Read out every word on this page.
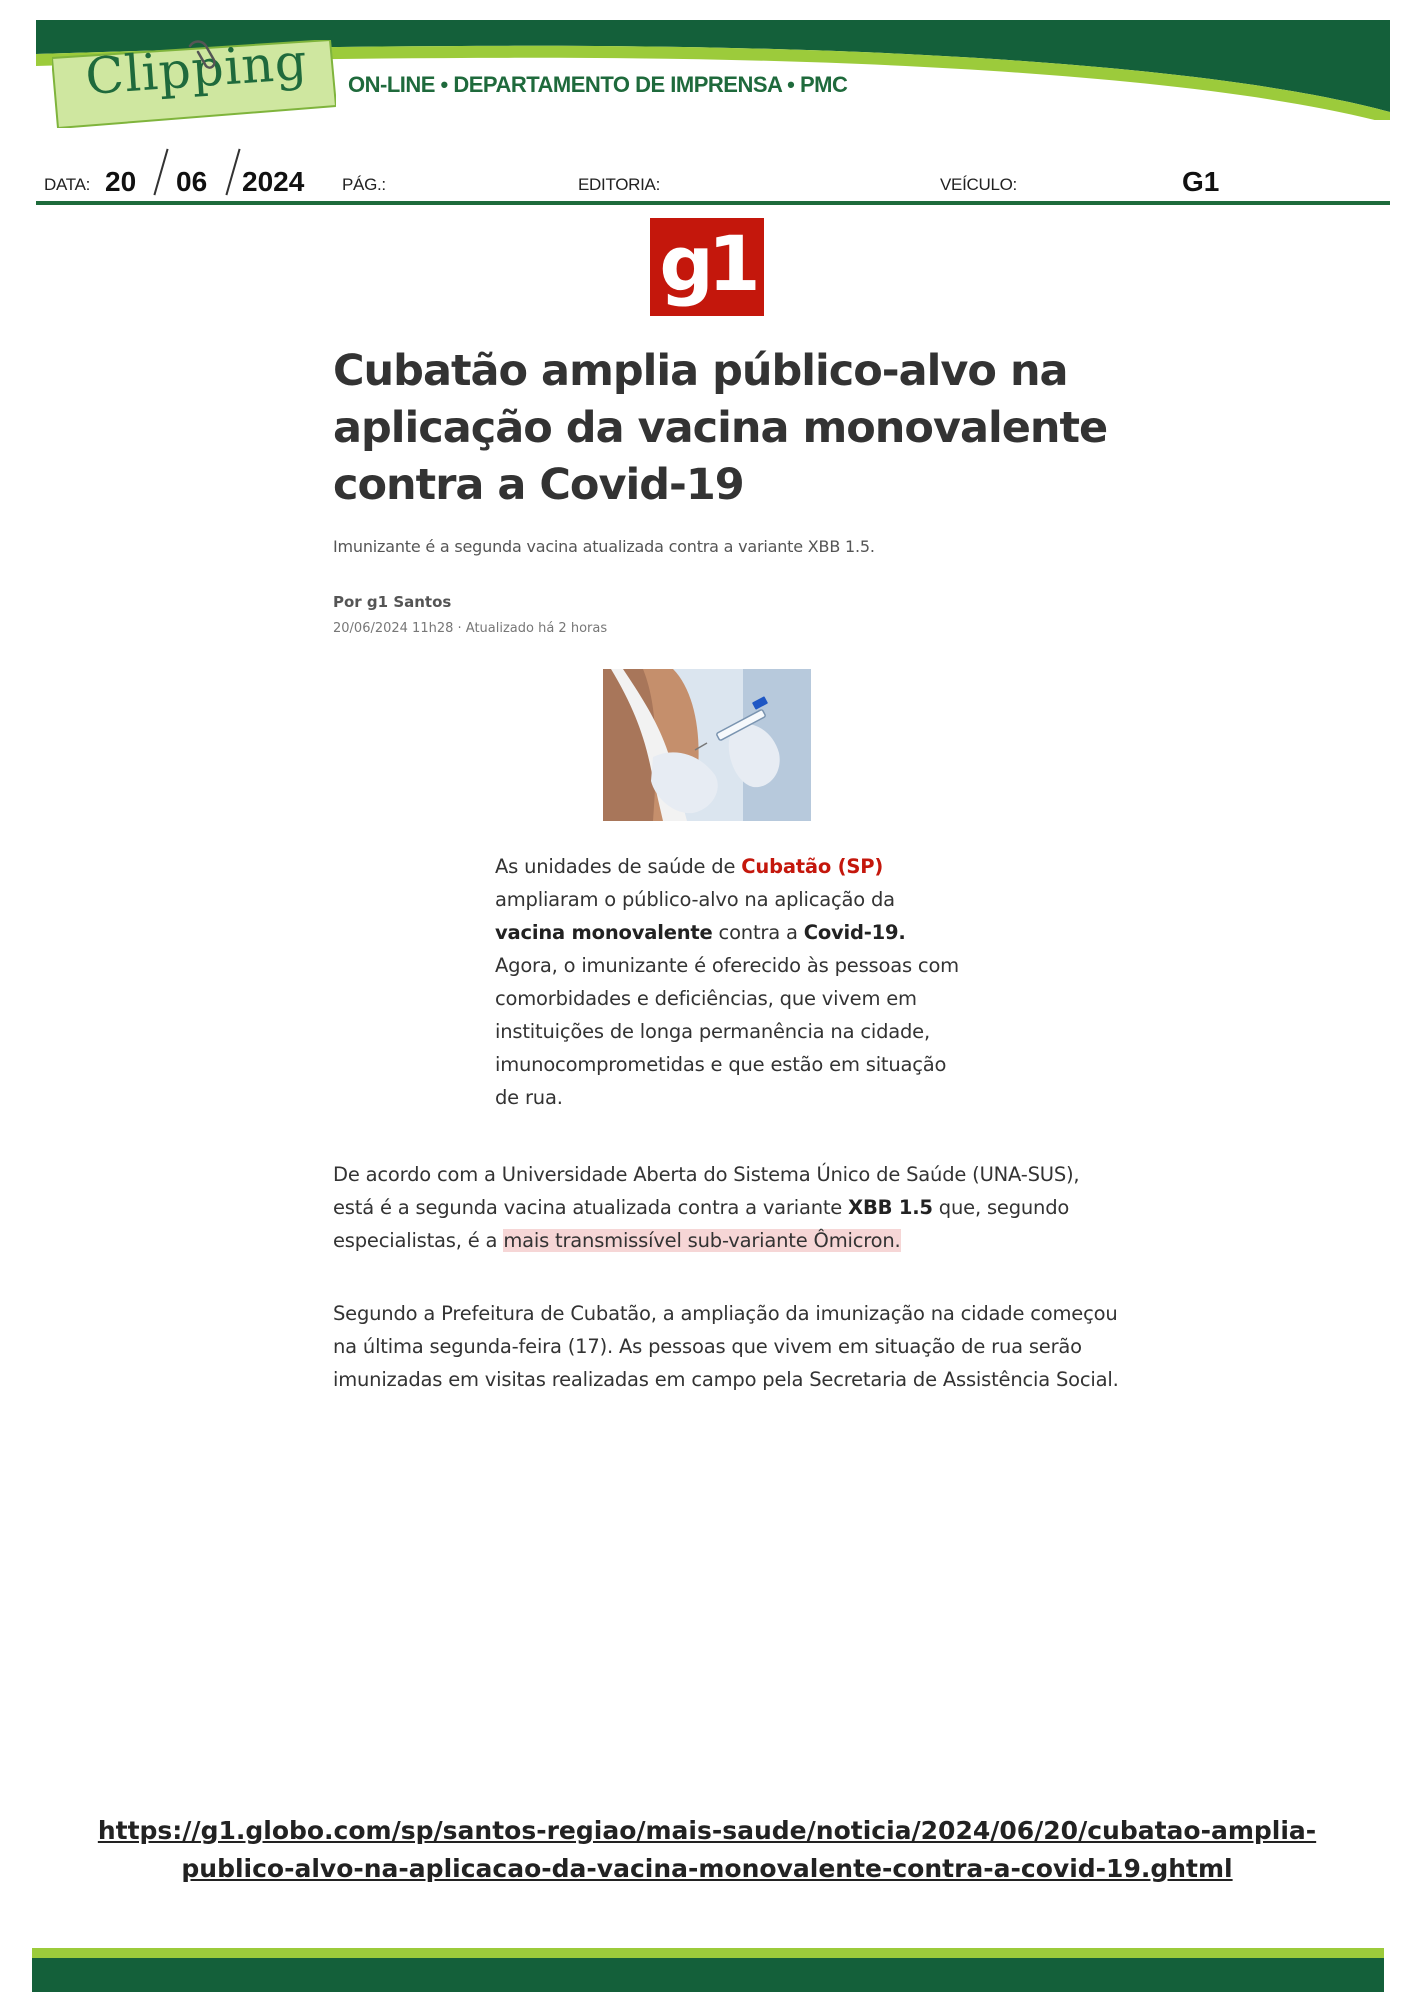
Clipping	ON-LINE • DEPARTAMENTO DE IMPRENSA • PMC
DATA: 20 06 2024 PÁG.:	EDITORIA:	VEÍCULO:	G1
g1
Cubatão amplia público-alvo na aplicação da vacina monovalente contra a Covid-19
Imunizante é a segunda vacina atualizada contra a variante XBB 1.5.
Por g1 Santos
20/06/2024 11h28 · Atualizado há 2 horas

As unidades de saúde de Cubatão (SP) ampliaram o público-alvo na aplicação da vacina monovalente contra a Covid-19. Agora, o imunizante é oferecido às pessoas com comorbidades e deficiências, que vivem em instituições de longa permanência na cidade, imunocomprometidas e que estão em situação de rua.

De acordo com a Universidade Aberta do Sistema Único de Saúde (UNA-SUS), está é a segunda vacina atualizada contra a variante XBB 1.5 que, segundo especialistas, é a mais transmissível sub-variante Ômicron.

Segundo a Prefeitura de Cubatão, a ampliação da imunização na cidade começou na última segunda-feira (17). As pessoas que vivem em situação de rua serão imunizadas em visitas realizadas em campo pela Secretaria de Assistência Social.

https://g1.globo.com/sp/santos-regiao/mais-saude/noticia/2024/06/20/cubatao-amplia-
publico-alvo-na-aplicacao-da-vacina-monovalente-contra-a-covid-19.ghtml
